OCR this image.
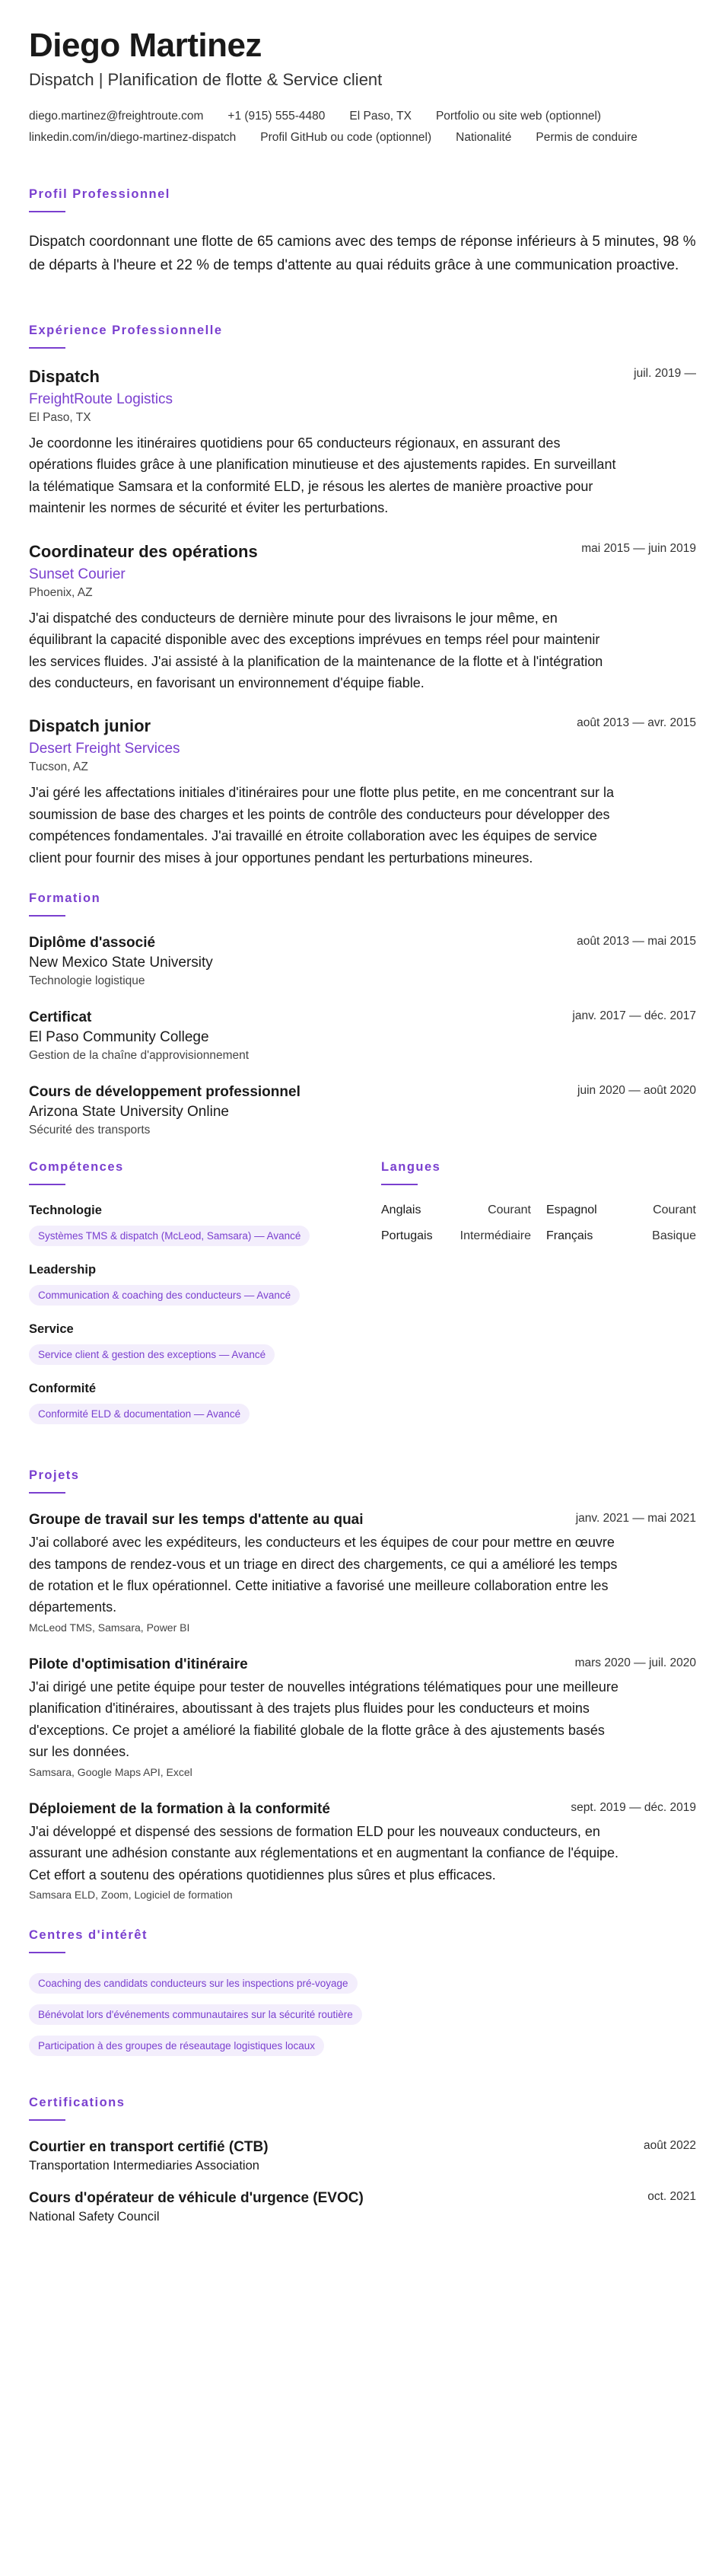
Diego Martinez
Dispatch | Planification de flotte & Service client
diego.martinez@freightroute.com +1 (915) 555-4480 El Paso, TX Portfolio ou site web (optionnel)
linkedin.com/in/diego-martinez-dispatch Profil GitHub ou code (optionnel) Nationalité Permis de conduire
Profil Professionnel

Dispatch coordonnant une flotte de 65 camions avec des temps de réponse inférieurs à 5 minutes, 98 % de départs à l'heure et 22 % de temps d'attente au quai réduits grâce à une communication proactive.

Expérience Professionnelle
Dispatch	juil. 2019 —
FreightRoute Logistics
El Paso, TX

Je coordonne les itinéraires quotidiens pour 65 conducteurs régionaux, en assurant des opérations fluides grâce à une planification minutieuse et des ajustements rapides. En surveillant la télématique Samsara et la conformité ELD, je résous les alertes de manière proactive pour maintenir les normes de sécurité et éviter les perturbations.

Coordinateur des opérations	mai 2015 — juin 2019
Sunset Courier
Phoenix, AZ

J'ai dispatché des conducteurs de dernière minute pour des livraisons le jour même, en équilibrant la capacité disponible avec des exceptions imprévues en temps réel pour maintenir les services fluides. J'ai assisté à la planification de la maintenance de la flotte et à l'intégration des conducteurs, en favorisant un environnement d'équipe fiable.

Dispatch junior	août 2013 — avr. 2015
Desert Freight Services
Tucson, AZ

J'ai géré les affectations initiales d'itinéraires pour une flotte plus petite, en me concentrant sur la soumission de base des charges et les points de contrôle des conducteurs pour développer des compétences fondamentales. J'ai travaillé en étroite collaboration avec les équipes de service client pour fournir des mises à jour opportunes pendant les perturbations mineures.

Formation
Diplôme d'associé	août 2013 — mai 2015
New Mexico State University
Technologie logistique
Certificat	janv. 2017 — déc. 2017
El Paso Community College
Gestion de la chaîne d'approvisionnement
Cours de développement professionnel	juin 2020 — août 2020
Arizona State University Online
Sécurité des transports
Compétences
Technologie
Systèmes TMS & dispatch (McLeod, Samsara) — Avancé
Leadership
Communication & coaching des conducteurs — Avancé
Service
Service client & gestion des exceptions — Avancé
Conformité
Conformité ELD & documentation — Avancé
Langues
Anglais	Courant Espagnol	Courant
Portugais Intermédiaire Français	Basique
Projets
Groupe de travail sur les temps d'attente au quai	janv. 2021 — mai 2021

J'ai collaboré avec les expéditeurs, les conducteurs et les équipes de cour pour mettre en œuvre des tampons de rendez-vous et un triage en direct des chargements, ce qui a amélioré les temps de rotation et le flux opérationnel. Cette initiative a favorisé une meilleure collaboration entre les départements.

McLeod TMS, Samsara, Power BI
Pilote d'optimisation d'itinéraire	mars 2020 — juil. 2020

J'ai dirigé une petite équipe pour tester de nouvelles intégrations télématiques pour une meilleure planification d'itinéraires, aboutissant à des trajets plus fluides pour les conducteurs et moins d'exceptions. Ce projet a amélioré la fiabilité globale de la flotte grâce à des ajustements basés sur les données.

Samsara, Google Maps API, Excel
Déploiement de la formation à la conformité	sept. 2019 — déc. 2019

J'ai développé et dispensé des sessions de formation ELD pour les nouveaux conducteurs, en assurant une adhésion constante aux réglementations et en augmentant la confiance de l'équipe. Cet effort a soutenu des opérations quotidiennes plus sûres et plus efficaces.

Samsara ELD, Zoom, Logiciel de formation
Centres d'intérêt
Coaching des candidats conducteurs sur les inspections pré-voyage
Bénévolat lors d'événements communautaires sur la sécurité routière
Participation à des groupes de réseautage logistiques locaux
Certifications
Courtier en transport certifié (CTB)
Transportation Intermediaries Association
août 2022
Cours d'opérateur de véhicule d'urgence (EVOC)
National Safety Council
oct. 2021
